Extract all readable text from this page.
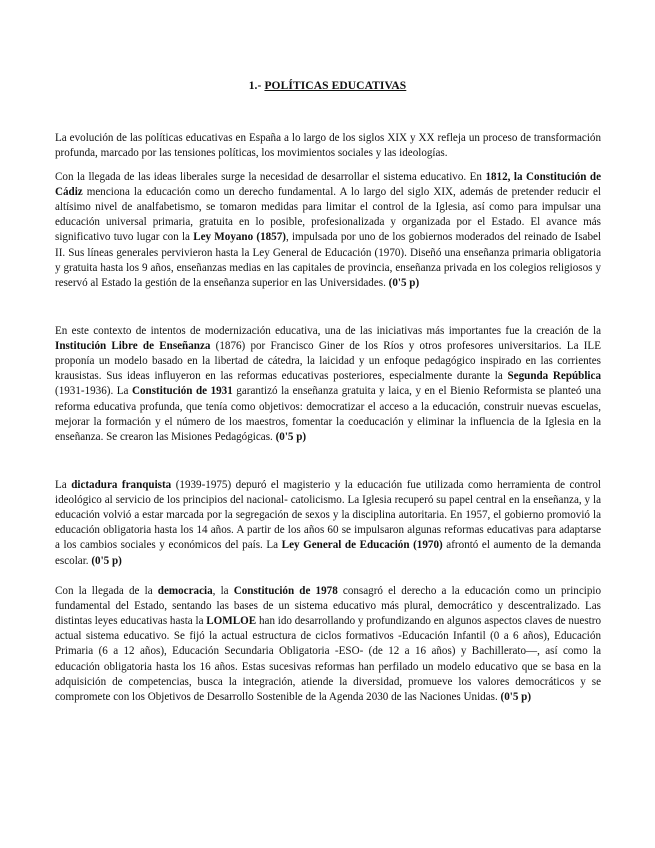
1.- POLÍTICAS EDUCATIVAS

La evolución de las políticas educativas en España a lo largo de los siglos XIX y XX refleja un proceso de transformación profunda, marcado por las tensiones políticas, los movimientos sociales y las ideologías.

Con la llegada de las ideas liberales surge la necesidad de desarrollar el sistema educativo. En 1812, la Constitución de Cádiz menciona la educación como un derecho fundamental. A lo largo del siglo XIX, además de pretender reducir el altísimo nivel de analfabetismo, se tomaron medidas para limitar el control de la Iglesia, así como para impulsar una educación universal primaria, gratuita en lo posible, profesionalizada y organizada por el Estado. El avance más significativo tuvo lugar con la Ley Moyano (1857), impulsada por uno de los gobiernos moderados del reinado de Isabel II. Sus líneas generales pervivieron hasta la Ley General de Educación (1970). Diseñó una enseñanza primaria obligatoria y gratuita hasta los 9 años, enseñanzas medias en las capitales de provincia, enseñanza privada en los colegios religiosos y reservó al Estado la gestión de la enseñanza superior en las Universidades. (0'5 p)

En este contexto de intentos de modernización educativa, una de las iniciativas más importantes fue la creación de la Institución Libre de Enseñanza (1876) por Francisco Giner de los Ríos y otros profesores universitarios. La ILE proponía un modelo basado en la libertad de cátedra, la laicidad y un enfoque pedagógico inspirado en las corrientes krausistas. Sus ideas influyeron en las reformas educativas posteriores, especialmente durante la Segunda República (1931-1936). La Constitución de 1931 garantizó la enseñanza gratuita y laica, y en el Bienio Reformista se planteó una reforma educativa profunda, que tenía como objetivos: democratizar el acceso a la educación, construir nuevas escuelas, mejorar la formación y el número de los maestros, fomentar la coeducación y eliminar la influencia de la Iglesia en la enseñanza. Se crearon las Misiones Pedagógicas. (0'5 p)

La dictadura franquista (1939-1975) depuró el magisterio y la educación fue utilizada como herramienta de control ideológico al servicio de los principios del nacional- catolicismo. La Iglesia recuperó su papel central en la enseñanza, y la educación volvió a estar marcada por la segregación de sexos y la disciplina autoritaria. En 1957, el gobierno promovió la educación obligatoria hasta los 14 años. A partir de los años 60 se impulsaron algunas reformas educativas para adaptarse a los cambios sociales y económicos del país. La Ley General de Educación (1970) afrontó el aumento de la demanda escolar. (0'5 p)

Con la llegada de la democracia, la Constitución de 1978 consagró el derecho a la educación como un principio fundamental del Estado, sentando las bases de un sistema educativo más plural, democrático y descentralizado. Las distintas leyes educativas hasta la LOMLOE han ido desarrollando y profundizando en algunos aspectos claves de nuestro actual sistema educativo. Se fijó la actual estructura de ciclos formativos -Educación Infantil (0 a 6 años), Educación Primaria (6 a 12 años), Educación Secundaria Obligatoria -ESO- (de 12 a 16 años) y Bachillerato—, así como la educación obligatoria hasta los 16 años. Estas sucesivas reformas han perfilado un modelo educativo que se basa en la adquisición de competencias, busca la integración, atiende la diversidad, promueve los valores democráticos y se compromete con los Objetivos de Desarrollo Sostenible de la Agenda 2030 de las Naciones Unidas. (0'5 p)
